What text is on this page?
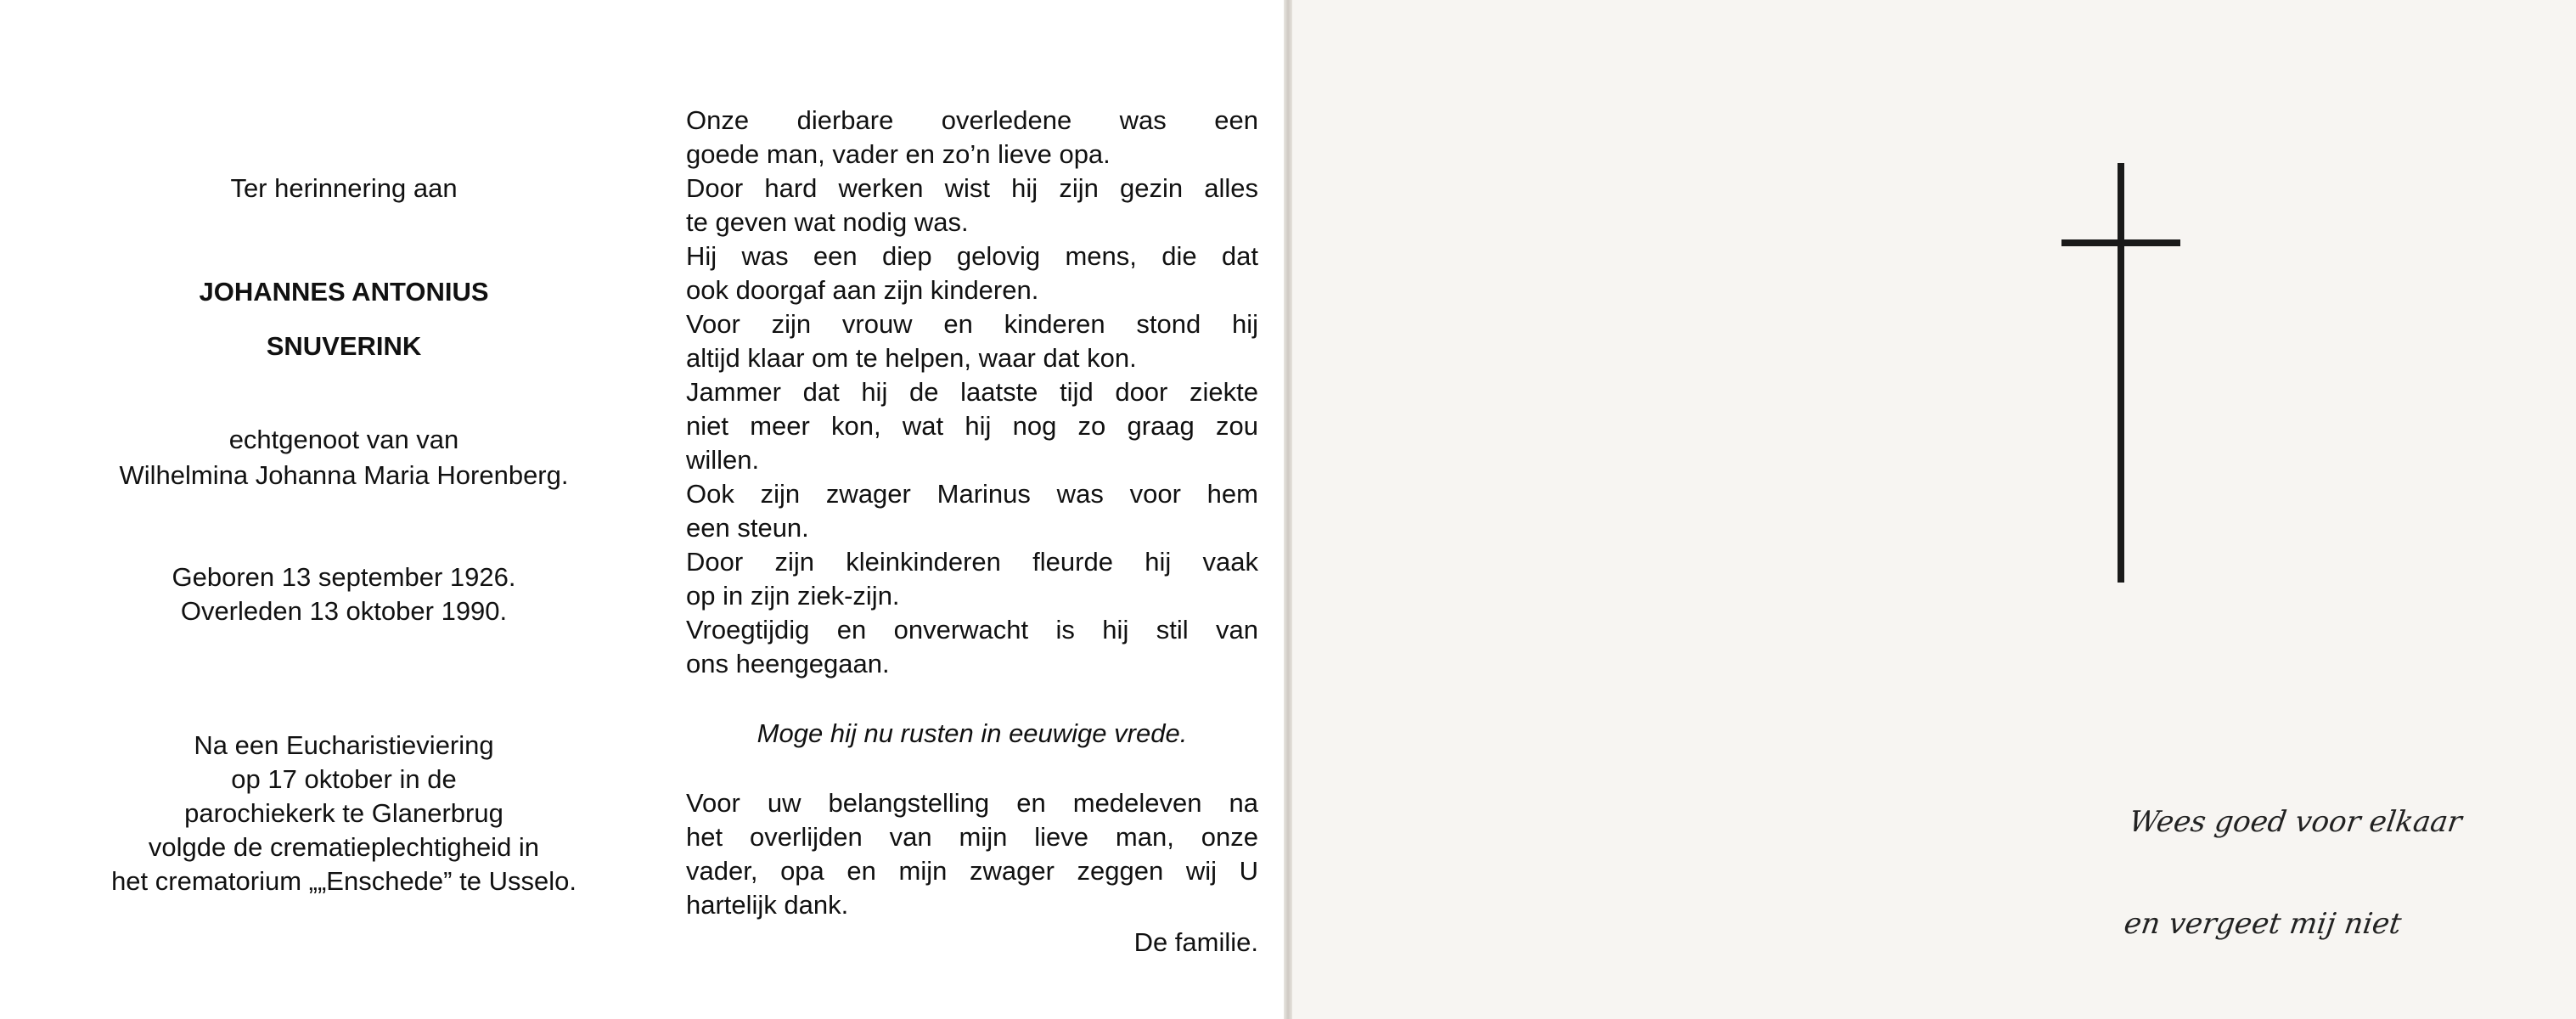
Ter herinnering aan
JOHANNES ANTONIUS
SNUVERINK
echtgenoot van van
Wilhelmina Johanna Maria Horenberg.
Geboren 13 september 1926.
Overleden 13 oktober 1990.
Na een Eucharistieviering
op 17 oktober in de
parochiekerk te Glanerbrug
volgde de crematieplechtigheid in
het crematorium „„Enschede” te Usselo.
Onze dierbare overledene was een
goede man, vader en zo’n lieve opa.
Door hard werken wist hij zijn gezin alles
te geven wat nodig was.
Hij was een diep gelovig mens, die dat
ook doorgaf aan zijn kinderen.
Voor zijn vrouw en kinderen stond hij
altijd klaar om te helpen, waar dat kon.
Jammer dat hij de laatste tijd door ziekte
niet meer kon, wat hij nog zo graag zou
willen.
Ook zijn zwager Marinus was voor hem
een steun.
Door zijn kleinkinderen fleurde hij vaak
op in zijn ziek-zijn.
Vroegtijdig en onverwacht is hij stil van
ons heengegaan.
Moge hij nu rusten in eeuwige vrede.
Voor uw belangstelling en medeleven na
het overlijden van mijn lieve man, onze
vader, opa en mijn zwager zeggen wij U
hartelijk dank.
De familie.
Wees goed voor elkaar
en vergeet mij niet
